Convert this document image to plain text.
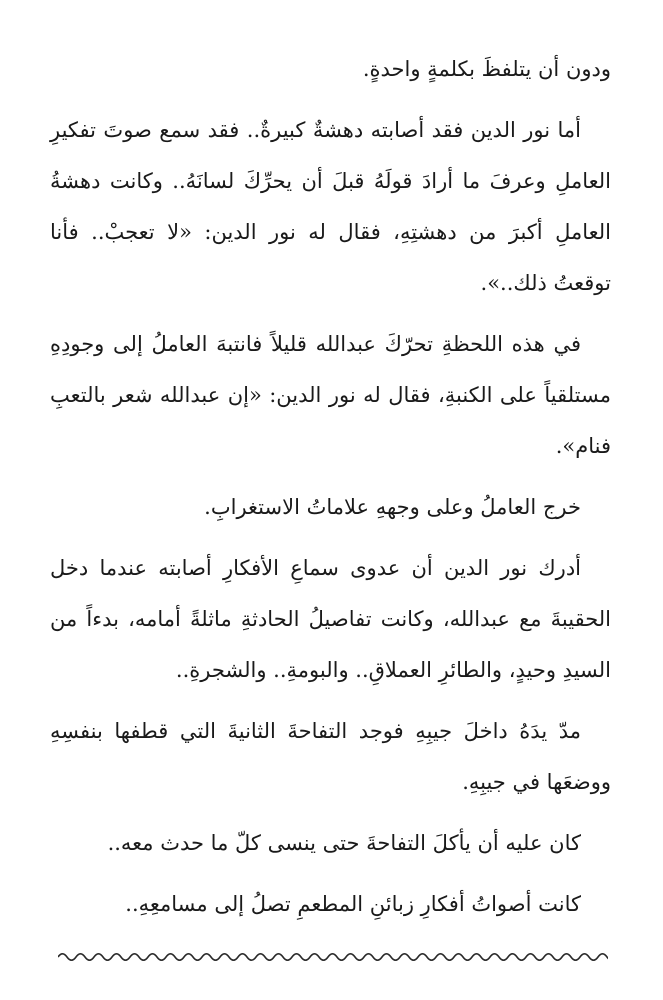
ودون أن يتلفظَ بكلمةٍ واحدةٍ.

أما نور الدين فقد أصابته دهشةٌ كبيرةٌ.. فقد سمع صوتَ تفكيرِ العاملِ وعرفَ ما أرادَ قولَهُ قبلَ أن يحرِّكَ لسانَهُ.. وكانت دهشةُ العاملِ أكبرَ من دهشتِهِ، فقال له نور الدين: «لا تعجبْ.. فأنا توقعتُ ذلك..».

في هذه اللحظةِ تحرّكَ عبدالله قليلاً فانتبهَ العاملُ إلى وجودِهِ مستلقياً على الكنبةِ، فقال له نور الدين: «إن عبدالله شعر بالتعبِ فنام».

خرج العاملُ وعلى وجههِ علاماتُ الاستغرابِ.

أدرك نور الدين أن عدوى سماعِ الأفكارِ أصابته عندما دخل الحقيبةَ مع عبدالله، وكانت تفاصيلُ الحادثةِ ماثلةً أمامه، بدءاً من السيدِ وحيدٍ، والطائرِ العملاقِ.. والبومةِ.. والشجرةِ..

مدّ يدَهُ داخلَ جيبِهِ فوجد التفاحةَ الثانيةَ التي قطفها بنفسِهِ ووضعَها في جيبِهِ.

كان عليه أن يأكلَ التفاحةَ حتى ينسى كلّ ما حدث معه..

كانت أصواتُ أفكارِ زبائنِ المطعمِ تصلُ إلى مسامعِهِ..
